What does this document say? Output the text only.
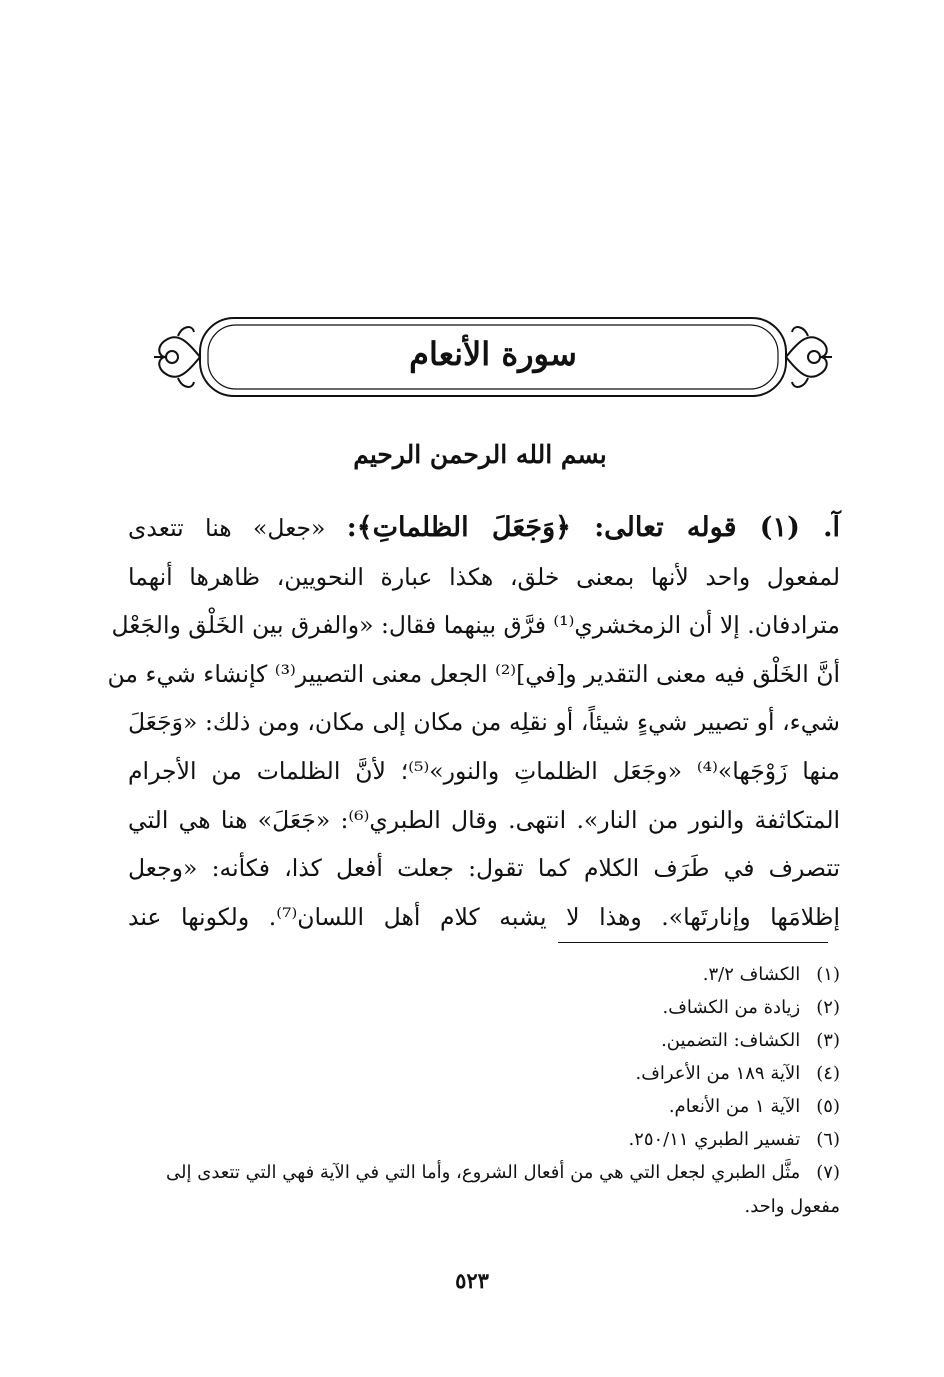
سورة الأنعام
بسم الله الرحمن الرحيم
آ. (١) قوله تعالى: ﴿وَجَعَلَ الظلماتِ﴾: «جعل» هنا تتعدى
لمفعول واحد لأنها بمعنى خلق، هكذا عبارة النحويين، ظاهرها أنهما
مترادفان. إلا أن الزمخشري⁽¹⁾ فرَّق بينهما فقال: «والفرق بين الخَلْق والجَعْل
أنَّ الخَلْق فيه معنى التقدير و[في]⁽²⁾ الجعل معنى التصيير⁽³⁾ كإنشاء شيء من
شيء، أو تصيير شيءٍ شيئاً، أو نقلِه من مكان إلى مكان، ومن ذلك: «وَجَعَلَ
منها زَوْجَها»⁽⁴⁾ «وجَعَل الظلماتِ والنور»⁽⁵⁾؛ لأنَّ الظلمات من الأجرام
المتكاثفة والنور من النار». انتهى. وقال الطبري⁽⁶⁾: «جَعَلَ» هنا هي التي
تتصرف في طَرَف الكلام كما تقول: جعلت أفعل كذا، فكأنه: «وجعل
إظلامَها وإنارتَها». وهذا لا يشبه كلام أهل اللسان⁽⁷⁾. ولكونها عند
(١) الكشاف ٣/٢.
(٢) زيادة من الكشاف.
(٣) الكشاف: التضمين.
(٤) الآية ١٨٩ من الأعراف.
(٥) الآية ١ من الأنعام.
(٦) تفسير الطبري ٢٥٠/١١.
(٧) مثَّل الطبري لجعل التي هي من أفعال الشروع، وأما التي في الآية فهي التي تتعدى إلى مفعول واحد.
٥٢٣
